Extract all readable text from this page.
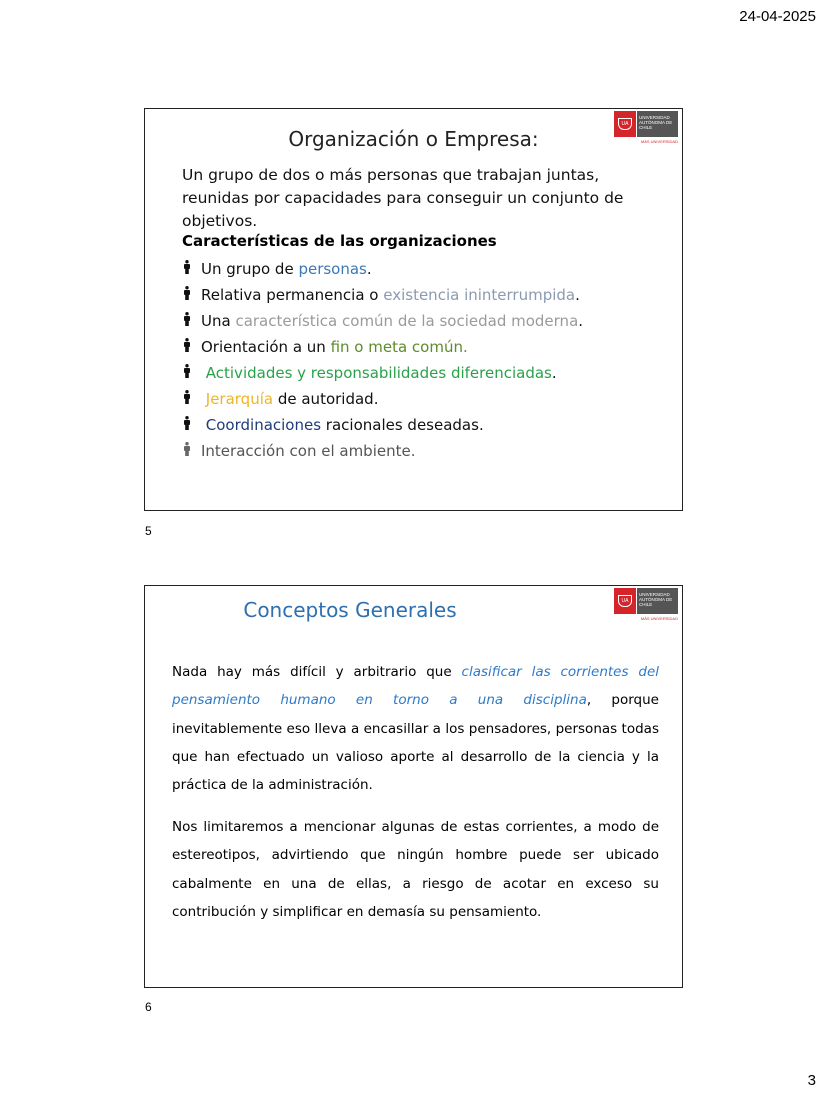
24-04-2025
UA
UNIVERSIDAD AUTÓNOMA DE CHILE
MÁS UNIVERSIDAD
Organización o Empresa:
Un grupo de dos o más personas que trabajan juntas, reunidas por capacidades para conseguir un conjunto de objetivos.
Características de las organizaciones
Un grupo de personas.
Relativa permanencia o existencia ininterrumpida.
Una característica común de la sociedad moderna.
Orientación a un fin o meta común.
Actividades y responsabilidades diferenciadas.
Jerarquía de autoridad.
Coordinaciones racionales deseadas.
Interacción con el ambiente.
5
UA
UNIVERSIDAD AUTÓNOMA DE CHILE
MÁS UNIVERSIDAD
Conceptos Generales
Nada hay más difícil y arbitrario que clasificar las corrientes del pensamiento humano en torno a una disciplina, porque inevitablemente eso lleva a encasillar a los pensadores, personas todas que han efectuado un valioso aporte al desarrollo de la ciencia y la práctica de la administración.
Nos limitaremos a mencionar algunas de estas corrientes, a modo de estereotipos, advirtiendo que ningún hombre puede ser ubicado cabalmente en una de ellas, a riesgo de acotar en exceso su contribución y simplificar en demasía su pensamiento.
6
3
